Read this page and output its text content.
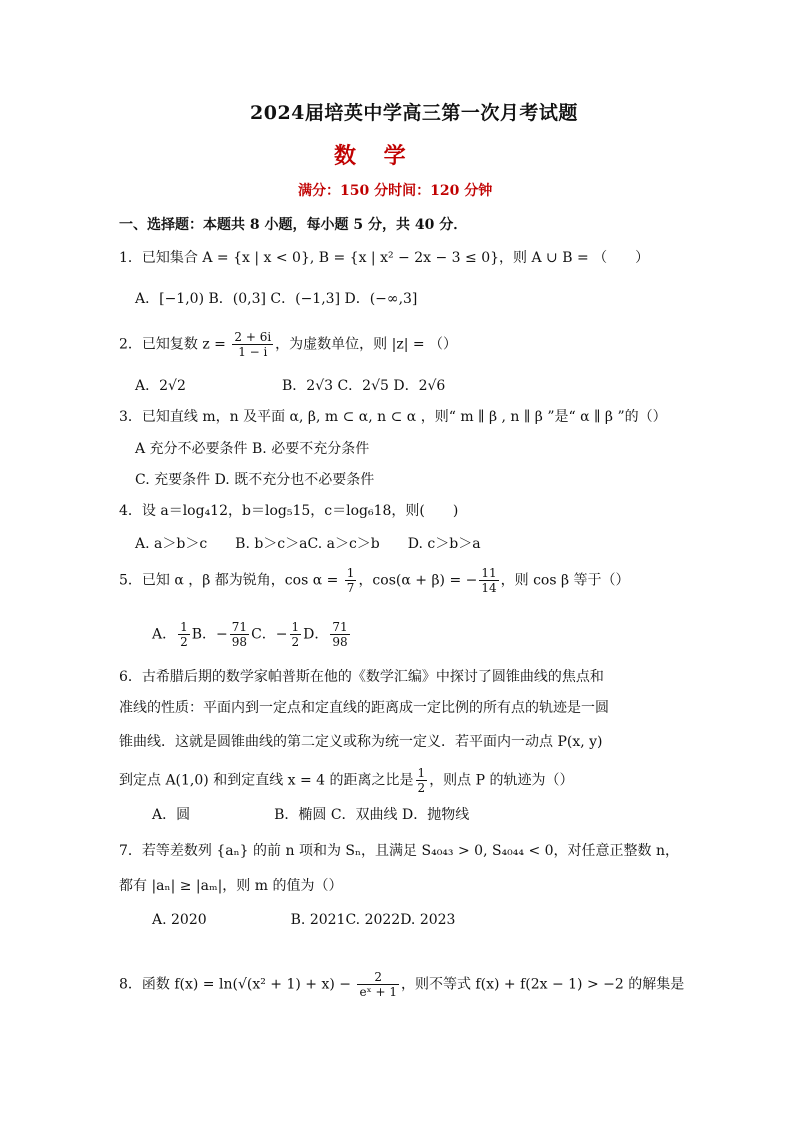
2024届培英中学高三第一次月考试题
数 学
满分：150 分时间：120 分钟
一、选择题：本题共 8 小题，每小题 5 分，共 40 分．
1．已知集合 A = {x | x < 0}, B = {x | x² − 2x − 3 ≤ 0}，则 A ∪ B = （　　）
A．[−1,0) B．(0,3] C．(−1,3] D．(−∞,3]
2．已知复数 $z = \frac{2 + 6i}{1 - i}$ ，为虚数单位，则 |z| = （）
A．2√2	B．2√3 C．2√5 D．2√6
3．已知直线 m，n 及平面 α, β, m ⊂ α, n ⊂ α ，则“ m ∥ β , n ∥ β ”是“ α ∥ β ”的（）
A 充分不必要条件 B. 必要不充分条件
C. 充要条件 D. 既不充分也不必要条件
4．设 a＝log₄12，b＝log₅15，c＝log₆18，则(　　)
A. a＞b＞c　　B. b＞c＞aC. a＞c＞b　　D. c＞b＞a
5．已知 α ，β 都为锐角，$\cos \alpha = \frac{1}{7}$ ，cos(α + β) = − $\frac{11}{14}$ ，则 cos β 等于（）
A． $\frac{1}{2}$ B．− $\frac{71}{98}$ C．− $\frac{1}{2}$ D． $\frac{71}{98}$
6．古希腊后期的数学家帕普斯在他的《数学汇编》中探讨了圆锥曲线的焦点和
准线的性质：平面内到一定点和定直线的距离成一定比例的所有点的轨迹是一圆
锥曲线．这就是圆锥曲线的第二定义或称为统一定义．若平面内一动点 P(x, y)
到定点 A(1,0) 和到定直线 x = 4 的距离之比是 $\frac{1}{2}$ ，则点 P 的轨迹为（）
A．圆　　　　　　B．椭圆 C．双曲线 D．抛物线
7．若等差数列 {aₙ} 的前 n 项和为 Sₙ，且满足 S₄₀₄₃ > 0, S₄₀₄₄ < 0，对任意正整数 n，
都有 |aₙ| ≥ |aₘ|，则 m 的值为（）
A. 2020　　　　　　B. 2021C. 2022D. 2023
8．函数 $f(x) = \ln(√(x^2 + 1) + x) - \frac{2}{\text{eˣ + 1}}$ ，则不等式 f(x) + f(2x − 1) > −2 的解集是
